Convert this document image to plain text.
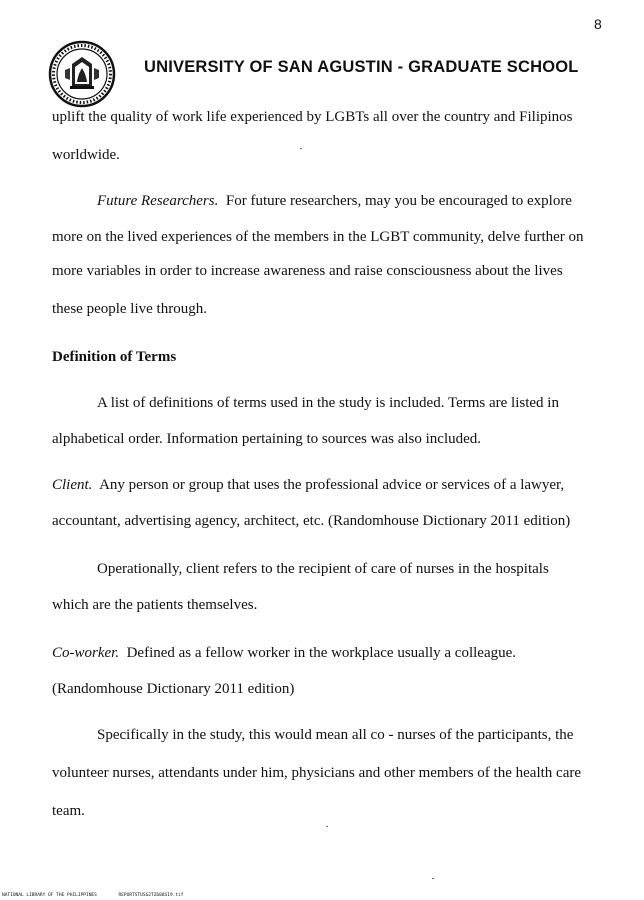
8
UNIVERSITY OF SAN AGUSTIN - GRADUATE SCHOOL
uplift the quality of work life experienced by LGBTs all over the country and Filipinos
worldwide.
Future Researchers.  For future researchers, may you be encouraged to explore
more on the lived experiences of the members in the LGBT community, delve further on
more variables in order to increase awareness and raise consciousness about the lives
these people live through.
Definition of Terms
A list of definitions of terms used in the study is included. Terms are listed in
alphabetical order. Information pertaining to sources was also included.
Client.  Any person or group that uses the professional advice or services of a lawyer,
accountant, advertising agency, architect, etc. (Randomhouse Dictionary 2011 edition)
Operationally, client refers to the recipient of care of nurses in the hospitals
which are the patients themselves.
Co-worker.  Defined as a fellow worker in the workplace usually a colleague.
(Randomhouse Dictionary 2011 edition)
Specifically in the study, this would mean all co - nurses of the participants, the
volunteer nurses, attendants under him, physicians and other members of the health care
team.
NATIONAL LIBRARY OF THE PHILIPPINES        REPORTSTUSG2TZ608S19.tif
